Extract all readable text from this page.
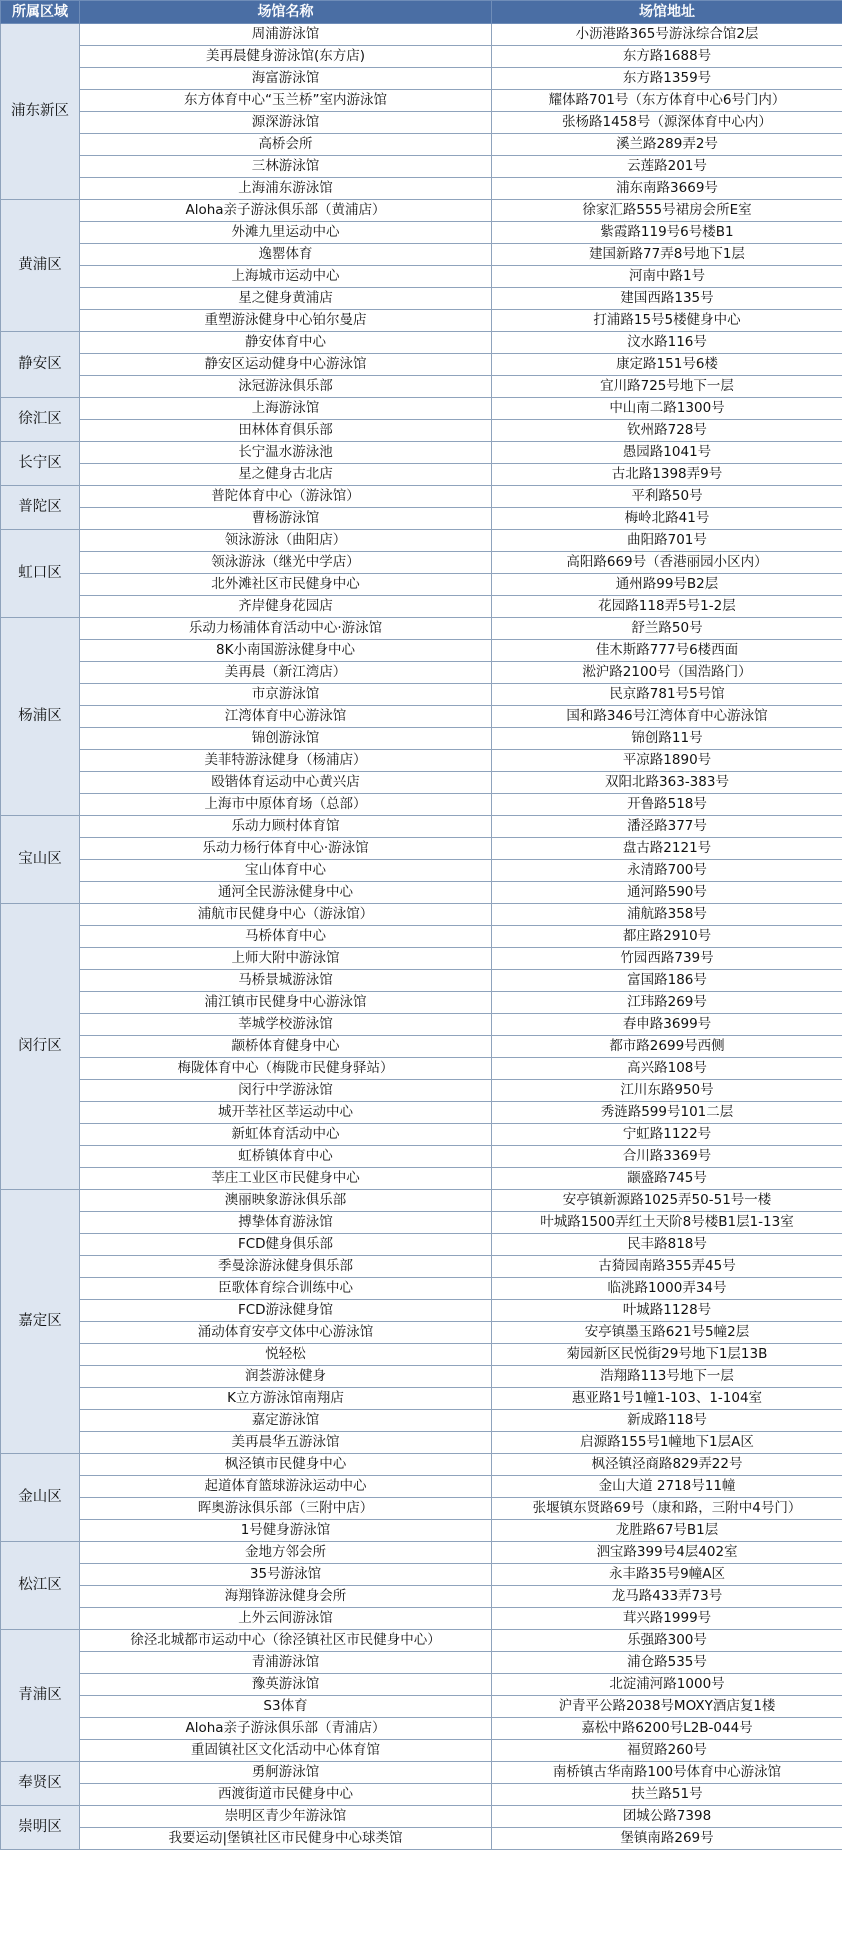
所属区域	场馆名称	场馆地址
浦东新区	周浦游泳馆	小沥港路365号游泳综合馆2层
	美再晨健身游泳馆(东方店)	东方路1688号
	海富游泳馆	东方路1359号
	东方体育中心“玉兰桥”室内游泳馆	耀体路701号（东方体育中心6号门内）
	源深游泳馆	张杨路1458号（源深体育中心内）
	高桥会所	溪兰路289弄2号
	三林游泳馆	云莲路201号
	上海浦东游泳馆	浦东南路3669号
黄浦区	Aloha亲子游泳俱乐部（黄浦店）	徐家汇路555号裙房会所E室
	外滩九里运动中心	紫霞路119号6号楼B1
	逸罂体育	建国新路77弄8号地下1层
	上海城市运动中心	河南中路1号
	星之健身黄浦店	建国西路135号
	重塑游泳健身中心铂尔曼店	打浦路15号5楼健身中心
静安区	静安体育中心	汶水路116号
	静安区运动健身中心游泳馆	康定路151号6楼
	泳冠游泳俱乐部	宜川路725号地下一层
徐汇区	上海游泳馆	中山南二路1300号
	田林体育俱乐部	钦州路728号
长宁区	长宁温水游泳池	愚园路1041号
	星之健身古北店	古北路1398弄9号
普陀区	普陀体育中心（游泳馆）	平利路50号
	曹杨游泳馆	梅岭北路41号
虹口区	领泳游泳（曲阳店）	曲阳路701号
	领泳游泳（继光中学店）	高阳路669号（香港丽园小区内）
	北外滩社区市民健身中心	通州路99号B2层
	齐岸健身花园店	花园路118弄5号1-2层
杨浦区	乐动力杨浦体育活动中心·游泳馆	舒兰路50号
	8K小南国游泳健身中心	佳木斯路777号6楼西面
	美再晨（新江湾店）	淞沪路2100号（国浩路门）
	市京游泳馆	民京路781号5号馆
	江湾体育中心游泳馆	国和路346号江湾体育中心游泳馆
	锦创游泳馆	锦创路11号
	美菲特游泳健身（杨浦店）	平凉路1890号
	殴锴体育运动中心黄兴店	双阳北路363-383号
	上海市中原体育场（总部）	开鲁路518号
宝山区	乐动力顾村体育馆	潘泾路377号
	乐动力杨行体育中心·游泳馆	盘古路2121号
	宝山体育中心	永清路700号
	通河全民游泳健身中心	通河路590号
闵行区	浦航市民健身中心（游泳馆）	浦航路358号
	马桥体育中心	都庄路2910号
	上师大附中游泳馆	竹园西路739号
	马桥景城游泳馆	富国路186号
	浦江镇市民健身中心游泳馆	江玮路269号
	莘城学校游泳馆	春申路3699号
	颛桥体育健身中心	都市路2699号西侧
	梅陇体育中心（梅陇市民健身驿站）	高兴路108号
	闵行中学游泳馆	江川东路950号
	城开莘社区莘运动中心	秀涟路599号101二层
	新虹体育活动中心	宁虹路1122号
	虹桥镇体育中心	合川路3369号
	莘庄工业区市民健身中心	颛盛路745号
嘉定区	澳丽映象游泳俱乐部	安亭镇新源路1025弄50-51号一楼
	搏挚体育游泳馆	叶城路1500弄红土天阶8号楼B1层1-13室
	FCD健身俱乐部	民丰路818号
	季曼涂游泳健身俱乐部	古猗园南路355弄45号
	臣歌体育综合训练中心	临洮路1000弄34号
	FCD游泳健身馆	叶城路1128号
	涌动体育安亭文体中心游泳馆	安亭镇墨玉路621号5幢2层
	悦轻松	菊园新区民悦街29号地下1层13B
	润荟游泳健身	浩翔路113号地下一层
	K立方游泳馆南翔店	惠亚路1号1幢1-103、1-104室
	嘉定游泳馆	新成路118号
	美再晨华五游泳馆	启源路155号1幢地下1层A区
金山区	枫泾镇市民健身中心	枫泾镇泾商路829弄22号
	起道体育篮球游泳运动中心	金山大道 2718号11幢
	晖奥游泳俱乐部（三附中店）	张堰镇东贤路69号（康和路，三附中4号门）
	1号健身游泳馆	龙胜路67号B1层
松江区	金地方邻会所	泗宝路399号4层402室
	35号游泳馆	永丰路35号9幢A区
	海翔锋游泳健身会所	龙马路433弄73号
	上外云间游泳馆	茸兴路1999号
青浦区	徐泾北城都市运动中心（徐泾镇社区市民健身中心）	乐强路300号
	青浦游泳馆	浦仓路535号
	豫英游泳馆	北淀浦河路1000号
	S3体育	沪青平公路2038号MOXY酒店复1楼
	Aloha亲子游泳俱乐部（青浦店）	嘉松中路6200号L2B-044号
	重固镇社区文化活动中心体育馆	福贸路260号
奉贤区	勇舸游泳馆	南桥镇古华南路100号体育中心游泳馆
	西渡街道市民健身中心	扶兰路51号
崇明区	崇明区青少年游泳馆	团城公路7398
	我要运动|堡镇社区市民健身中心球类馆	堡镇南路269号
